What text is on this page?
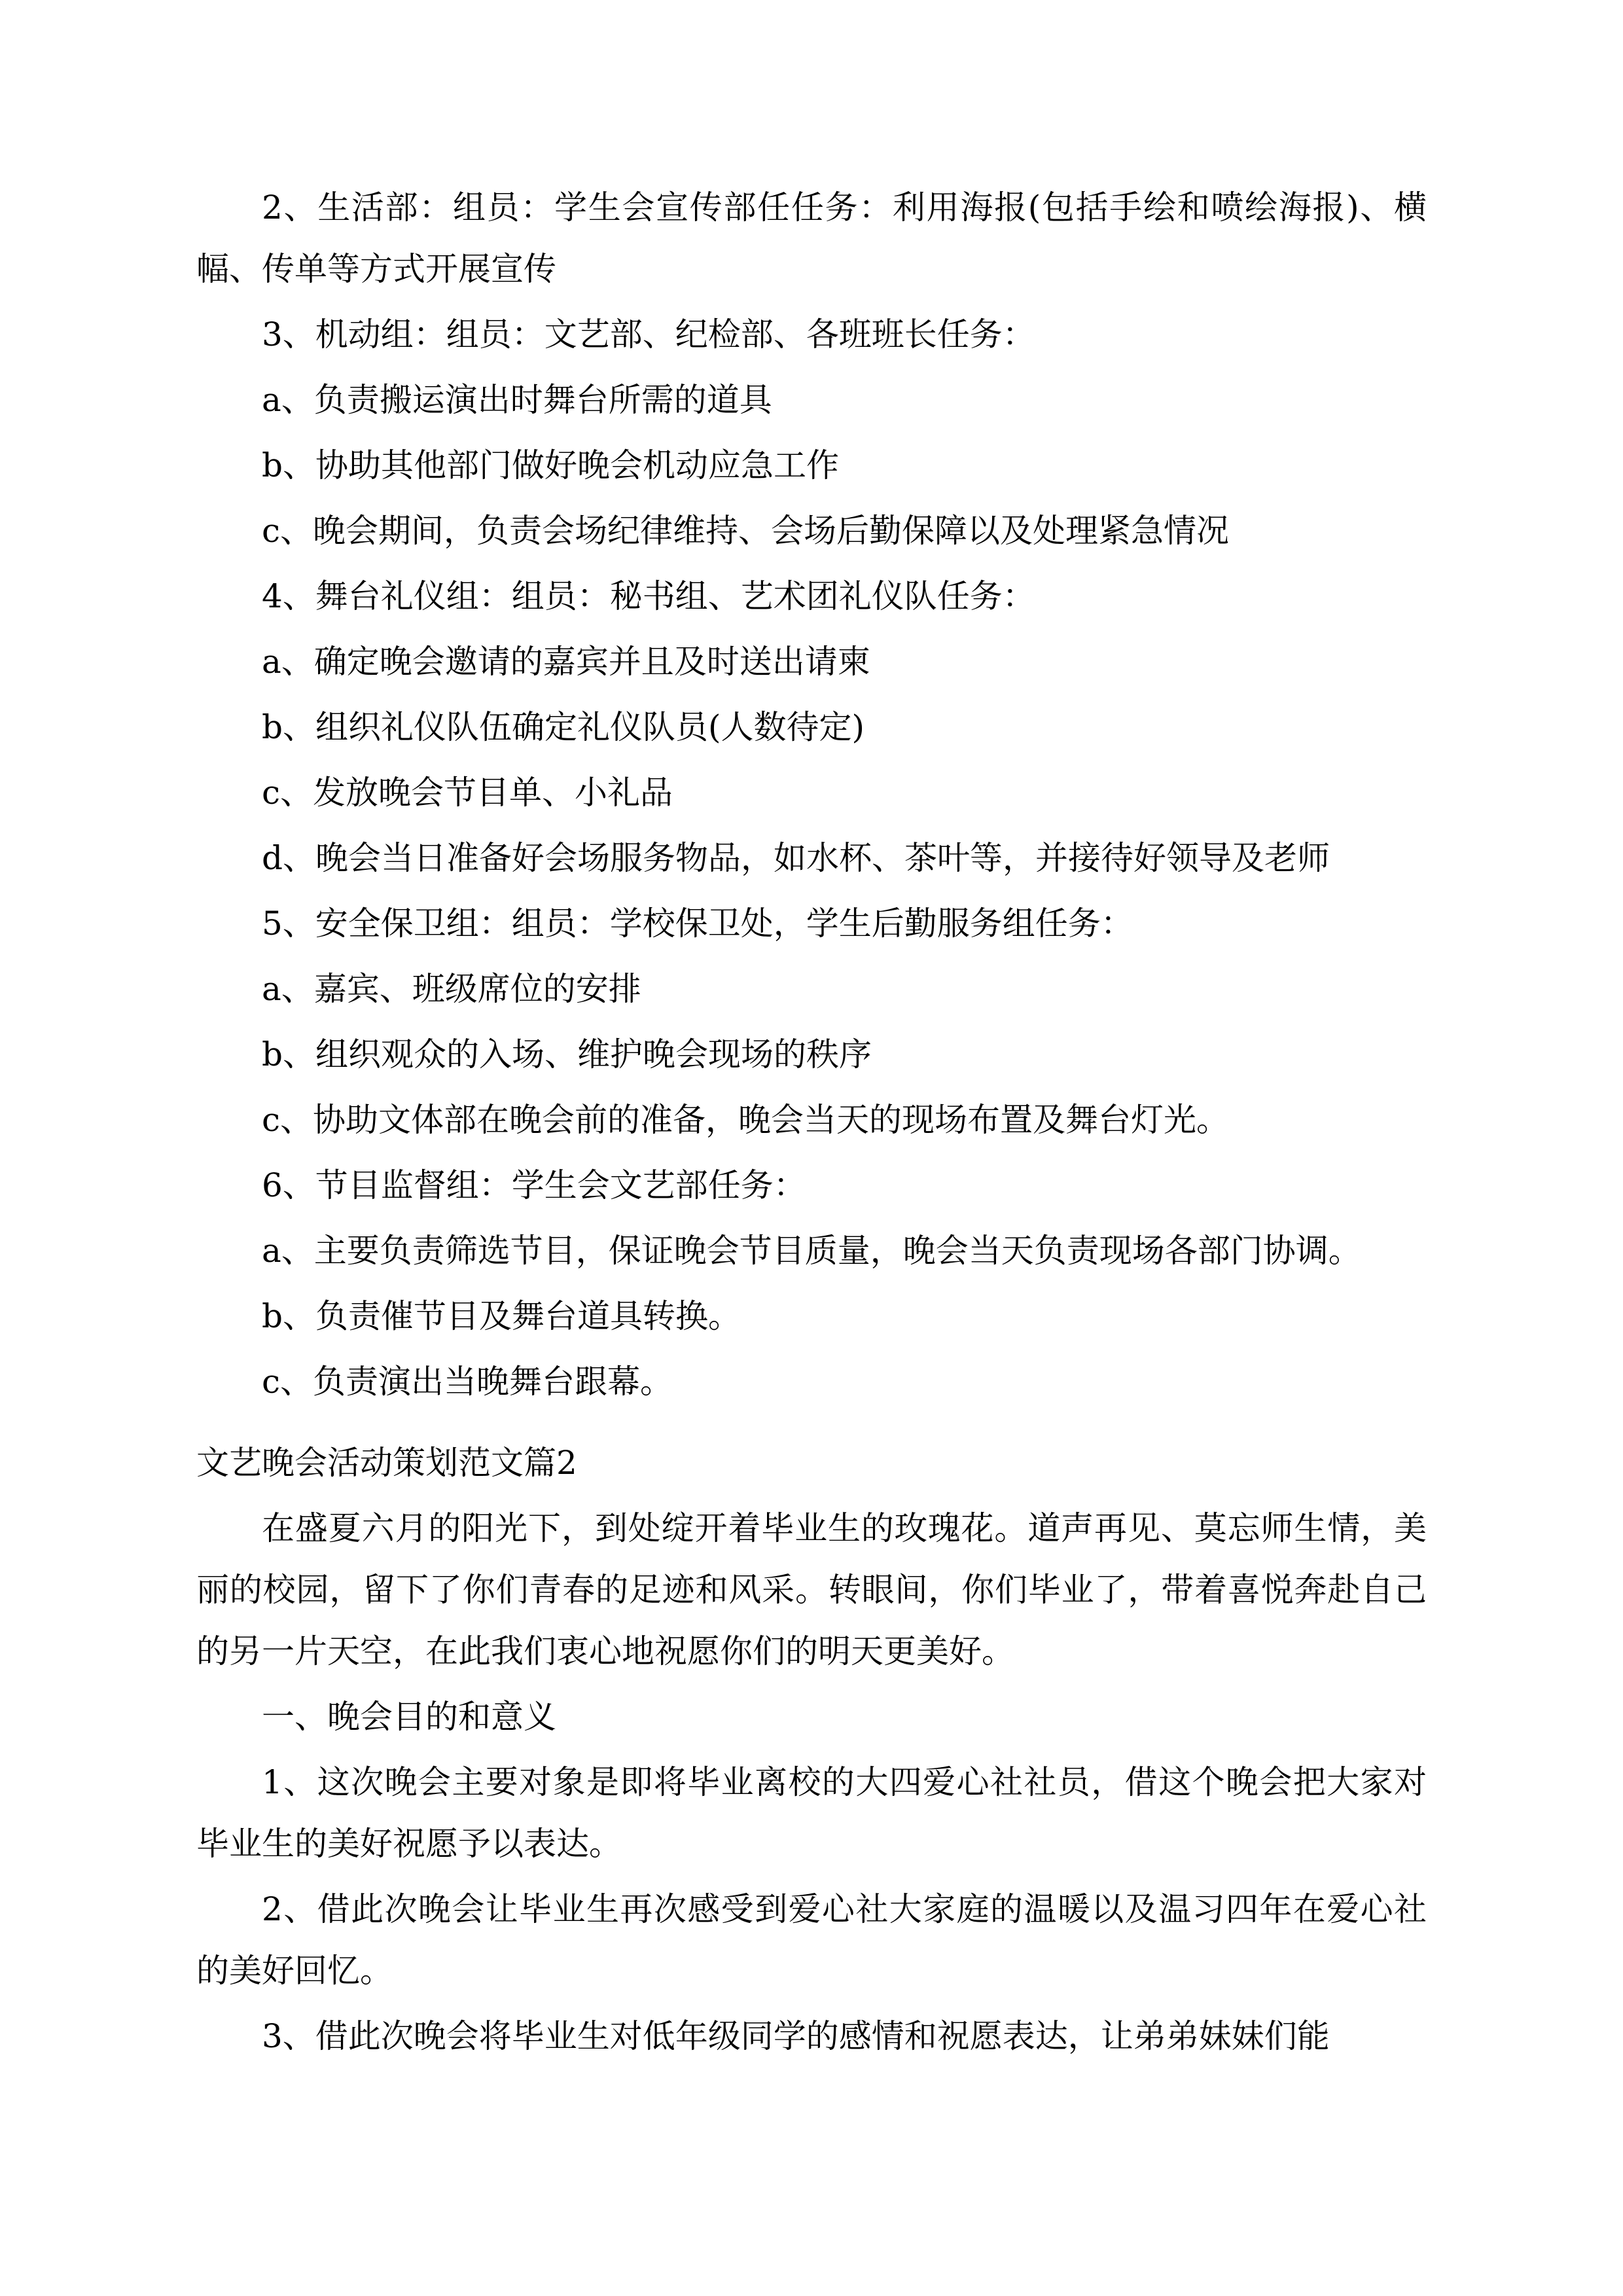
2、生活部：组员：学生会宣传部任任务：利用海报(包括手绘和喷绘海报)、横幅、传单等方式开展宣传

3、机动组：组员：文艺部、纪检部、各班班长任务：

a、负责搬运演出时舞台所需的道具

b、协助其他部门做好晚会机动应急工作

c、晚会期间，负责会场纪律维持、会场后勤保障以及处理紧急情况

4、舞台礼仪组：组员：秘书组、艺术团礼仪队任务：

a、确定晚会邀请的嘉宾并且及时送出请柬

b、组织礼仪队伍确定礼仪队员(人数待定)

c、发放晚会节目单、小礼品

d、晚会当日准备好会场服务物品，如水杯、茶叶等，并接待好领导及老师

5、安全保卫组：组员：学校保卫处，学生后勤服务组任务：

a、嘉宾、班级席位的安排

b、组织观众的入场、维护晚会现场的秩序

c、协助文体部在晚会前的准备，晚会当天的现场布置及舞台灯光。

6、节目监督组：学生会文艺部任务：

a、主要负责筛选节目，保证晚会节目质量，晚会当天负责现场各部门协调。

b、负责催节目及舞台道具转换。

c、负责演出当晚舞台跟幕。

文艺晚会活动策划范文篇2

在盛夏六月的阳光下，到处绽开着毕业生的玫瑰花。道声再见、莫忘师生情，美丽的校园，留下了你们青春的足迹和风采。转眼间，你们毕业了，带着喜悦奔赴自己的另一片天空，在此我们衷心地祝愿你们的明天更美好。

一、晚会目的和意义

1、这次晚会主要对象是即将毕业离校的大四爱心社社员，借这个晚会把大家对毕业生的美好祝愿予以表达。

2、借此次晚会让毕业生再次感受到爱心社大家庭的温暖以及温习四年在爱心社的美好回忆。

3、借此次晚会将毕业生对低年级同学的感情和祝愿表达，让弟弟妹妹们能
